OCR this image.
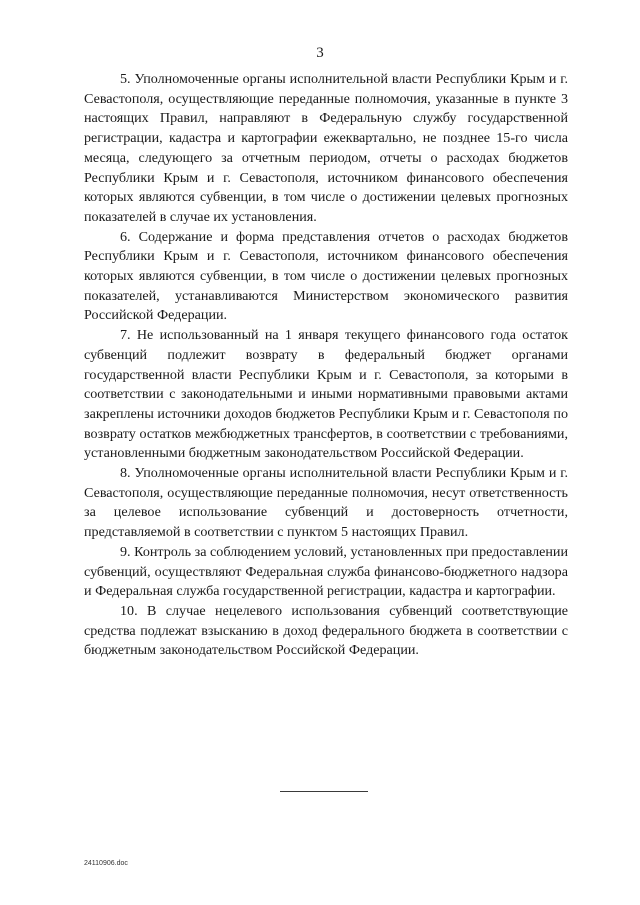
3

5. Уполномоченные органы исполнительной власти Республики Крым и г. Севастополя, осуществляющие переданные полномочия, указанные в пункте 3 настоящих Правил, направляют в Федеральную службу государственной регистрации, кадастра и картографии ежеквартально, не позднее 15-го числа месяца, следующего за отчетным периодом, отчеты о расходах бюджетов Республики Крым и г. Севастополя, источником финансового обеспечения которых являются субвенции, в том числе о достижении целевых прогнозных показателей в случае их установления.

6. Содержание и форма представления отчетов о расходах бюджетов Республики Крым и г. Севастополя, источником финансового обеспечения которых являются субвенции, в том числе о достижении целевых прогнозных показателей, устанавливаются Министерством экономического развития Российской Федерации.

7. Не использованный на 1 января текущего финансового года остаток субвенций подлежит возврату в федеральный бюджет органами государственной власти Республики Крым и г. Севастополя, за которыми в соответствии с законодательными и иными нормативными правовыми актами закреплены источники доходов бюджетов Республики Крым и г. Севастополя по возврату остатков межбюджетных трансфертов, в соответствии с требованиями, установленными бюджетным законодательством Российской Федерации.

8. Уполномоченные органы исполнительной власти Республики Крым и г. Севастополя, осуществляющие переданные полномочия, несут ответственность за целевое использование субвенций и достоверность отчетности, представляемой в соответствии с пунктом 5 настоящих Правил.

9. Контроль за соблюдением условий, установленных при предоставлении субвенций, осуществляют Федеральная служба финансово-бюджетного надзора и Федеральная служба государственной регистрации, кадастра и картографии.

10. В случае нецелевого использования субвенций соответствующие средства подлежат взысканию в доход федерального бюджета в соответствии с бюджетным законодательством Российской Федерации.

24110906.doc
